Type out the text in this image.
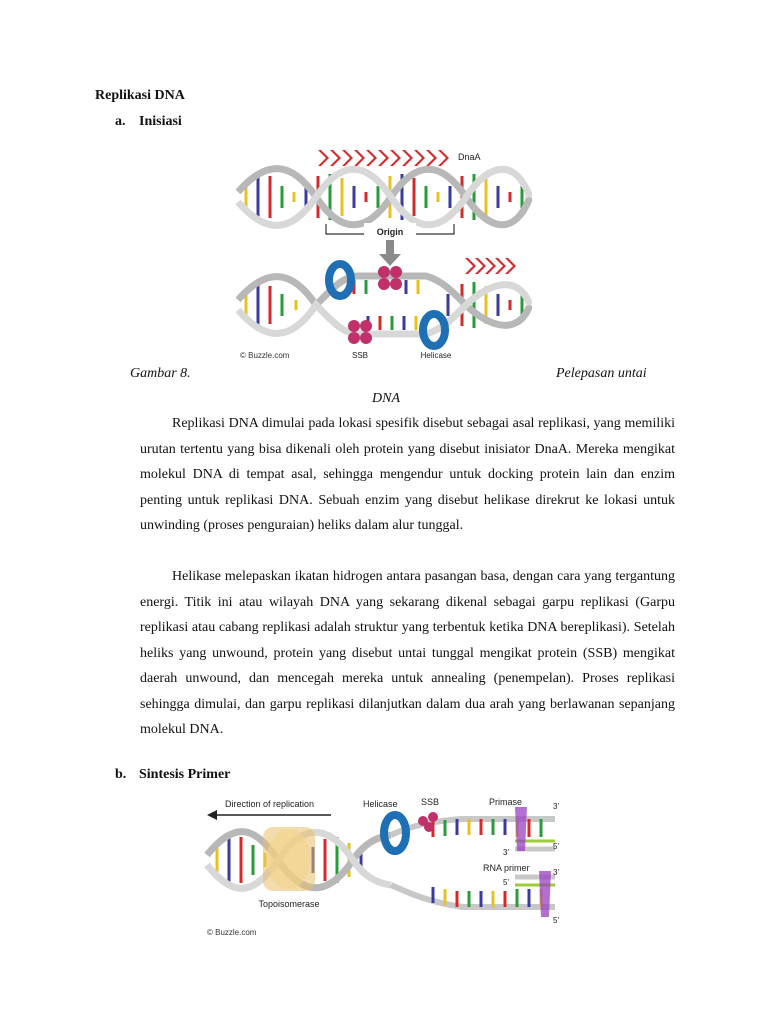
Replikasi DNA
a. Inisiasi
DnaA
Origin
© Buzzle.com	SSB	Helicase
Gambar 8.	Pelepasan untai
DNA

Replikasi DNA dimulai pada lokasi spesifik disebut sebagai asal replikasi, yang memiliki urutan tertentu yang bisa dikenali oleh protein yang disebut inisiator DnaA. Mereka mengikat molekul DNA di tempat asal, sehingga mengendur untuk docking protein lain dan enzim penting untuk replikasi DNA. Sebuah enzim yang disebut helikase direkrut ke lokasi untuk unwinding (proses penguraian) heliks dalam alur tunggal.

Helikase melepaskan ikatan hidrogen antara pasangan basa, dengan cara yang tergantung energi. Titik ini atau wilayah DNA yang sekarang dikenal sebagai garpu replikasi (Garpu replikasi atau cabang replikasi adalah struktur yang terbentuk ketika DNA bereplikasi). Setelah heliks yang unwound, protein yang disebut untai tunggal mengikat protein (SSB) mengikat daerah unwound, dan mencegah mereka untuk annealing (penempelan). Proses replikasi sehingga dimulai, dan garpu replikasi dilanjutkan dalam dua arah yang berlawanan sepanjang molekul DNA.

b. Sintesis Primer
Direction of replication	Helicase	SSB	Primase
Topoisomerase
RNA primer
3'
5'
3'
3'
5'
5'
© Buzzle.com
